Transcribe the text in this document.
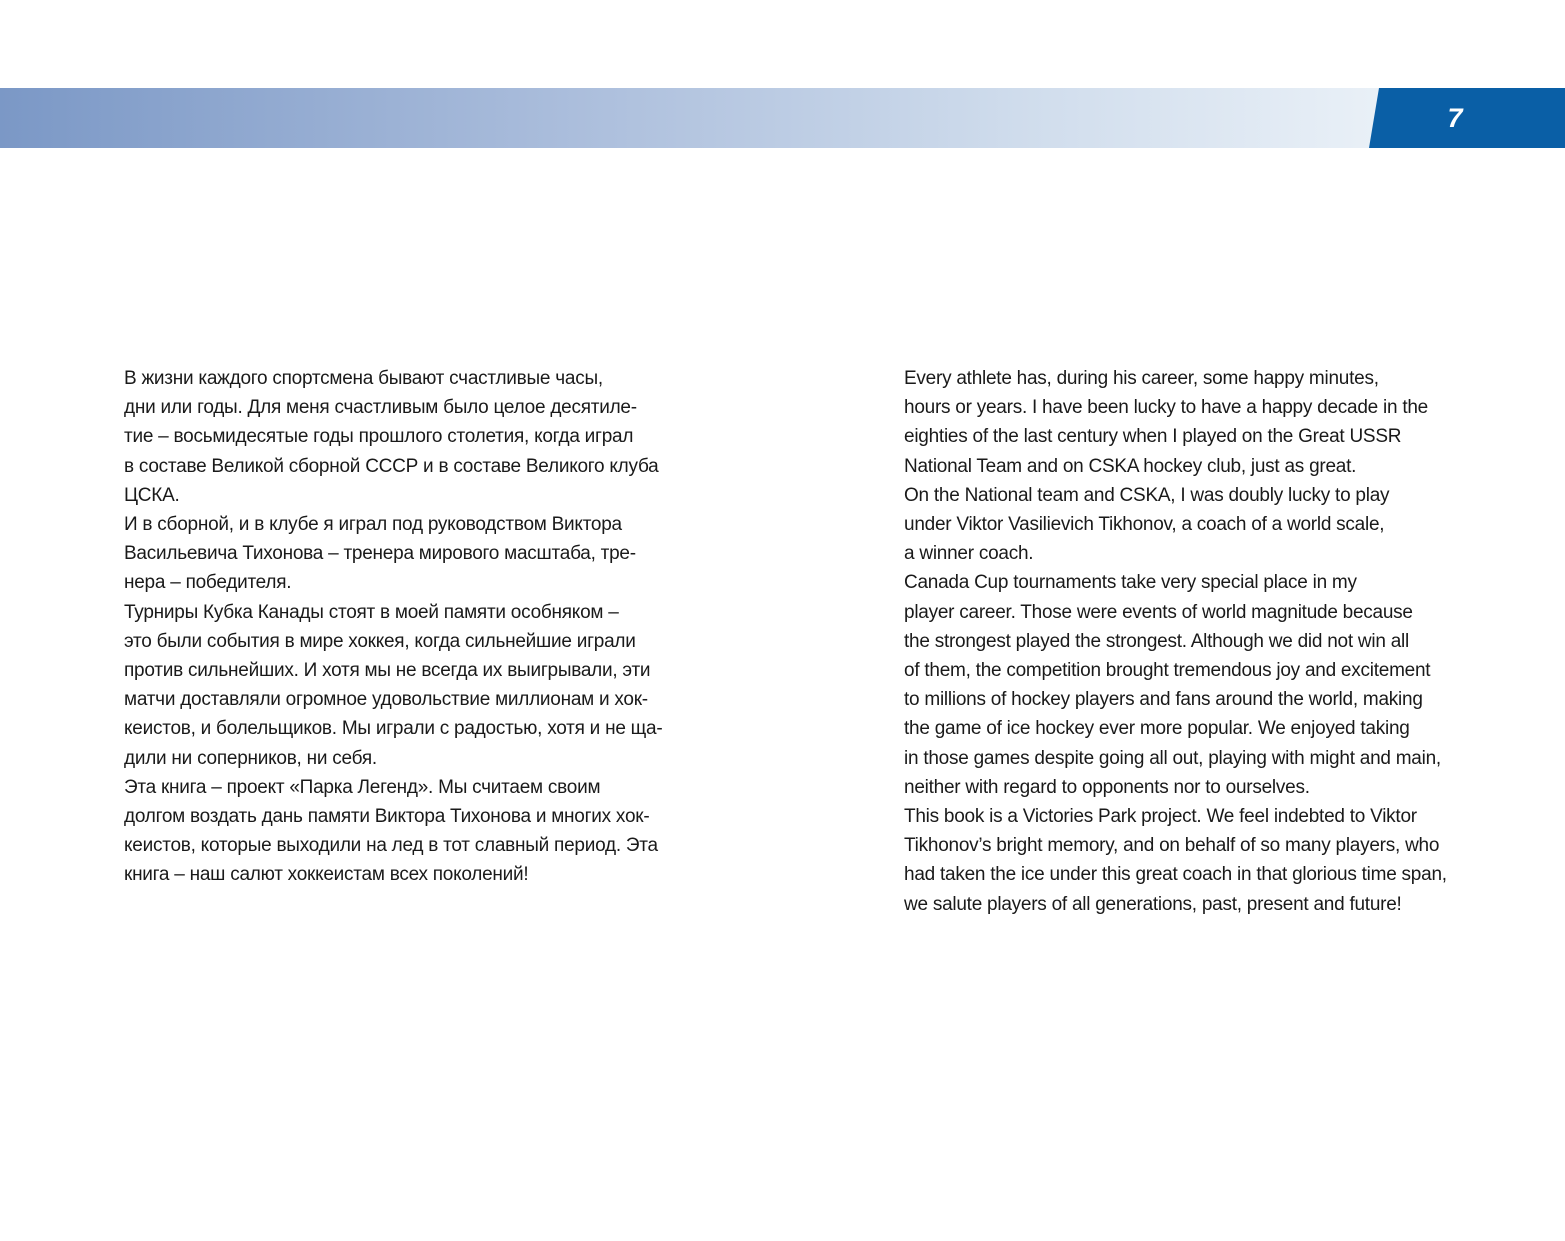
7

В жизни каждого спортсмена бывают счастливые часы,
дни или годы. Для меня счастливым было целое десятиле-
тие – восьмидесятые годы прошлого столетия, когда играл
в составе Великой сборной СССР и в составе Великого клуба
ЦСКА.

И в сборной, и в клубе я играл под руководством Виктора
Васильевича Тихонова – тренера мирового масштаба, тре-
нера – победителя.

Турниры Кубка Канады стоят в моей памяти особняком –
это были события в мире хоккея, когда сильнейшие играли
против сильнейших. И хотя мы не всегда их выигрывали, эти
матчи доставляли огромное удовольствие миллионам и хок-
кеистов, и болельщиков. Мы играли с радостью, хотя и не ща-
дили ни соперников, ни себя.

Эта книга – проект «Парка Легенд». Мы считаем своим
долгом воздать дань памяти Виктора Тихонова и многих хок-
кеистов, которые выходили на лед в тот славный период. Эта
книга – наш салют хоккеистам всех поколений!

Every athlete has, during his career, some happy minutes,
hours or years. I have been lucky to have a happy decade in the
eighties of the last century when I played on the Great USSR
National Team and on CSKA hockey club, just as great.

On the National team and CSKA, I was doubly lucky to play
under Viktor Vasilievich Tikhonov, a coach of a world scale,
a winner coach.

Canada Cup tournaments take very special place in my
player career. Those were events of world magnitude because
the strongest played the strongest. Although we did not win all
of them, the competition brought tremendous joy and excitement
to millions of hockey players and fans around the world, making
the game of ice hockey ever more popular. We enjoyed taking
in those games despite going all out, playing with might and main,
neither with regard to opponents nor to ourselves.

This book is a Victories Park project. We feel indebted to Viktor
Tikhonov’s bright memory, and on behalf of so many players, who
had taken the ice under this great coach in that glorious time span,
we salute players of all generations, past, present and future!
